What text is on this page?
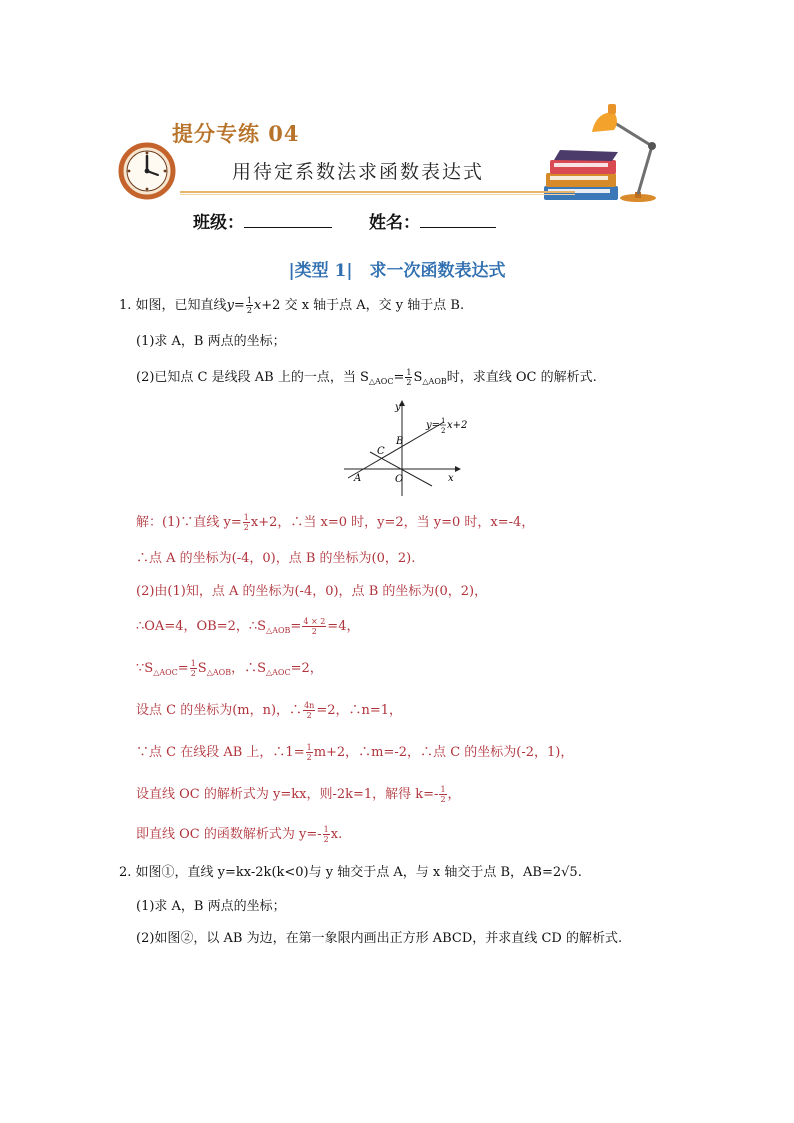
提分专练 04
用待定系数法求函数表达式
班级：	姓名：
|类型 1|　求一次函数表达式
1. 如图，已知直线$y= \frac{1}{2} x+2$ 交 x 轴于点 A，交 y 轴于点 B.
(1)求 A，B 两点的坐标；
(2)已知点 C 是线段 AB 上的一点，当 $S_{\triangle AOC}= \frac{1}{2} S_{\triangle AOB}$时，求直线 OC 的解析式.
A
B
C
O	x
y
y= 1
2 x+2
解：(1)∵直线 $y= \frac{1}{2} x+2$，∴当 x=0 时，y=2，当 y=0 时，x=-4，
∴点 A 的坐标为(-4，0)，点 B 的坐标为(0，2).
(2)由(1)知，点 A 的坐标为(-4，0)，点 B 的坐标为(0，2)，
∴OA=4，OB=2，$\therefore S_{\triangle AOB}= \frac{4 \times 2}{2} =4$，
$\because S_{\triangle AOC}= \frac{1}{2} S_{\triangle AOB}$，$\therefore S_{\triangle AOC}=2$，
设点 C 的坐标为(m，n)，∴ $\frac{4n}{2} =2$，∴n=1，
∵点 C 在线段 AB 上，∴1= $\frac{1}{2} m+2$，∴m=-2，∴点 C 的坐标为(-2，1)，
设直线 OC 的解析式为 y=kx，则-2k=1，解得 $k=- \frac{1}{2}$ ，
即直线 OC 的函数解析式为 $y=- \frac{1}{2} x$.
2. 如图①，直线 y=kx-2k(k<0)与 y 轴交于点 A，与 x 轴交于点 B，AB=2√5.
(1)求 A，B 两点的坐标；
(2)如图②，以 AB 为边，在第一象限内画出正方形 ABCD，并求直线 CD 的解析式.
